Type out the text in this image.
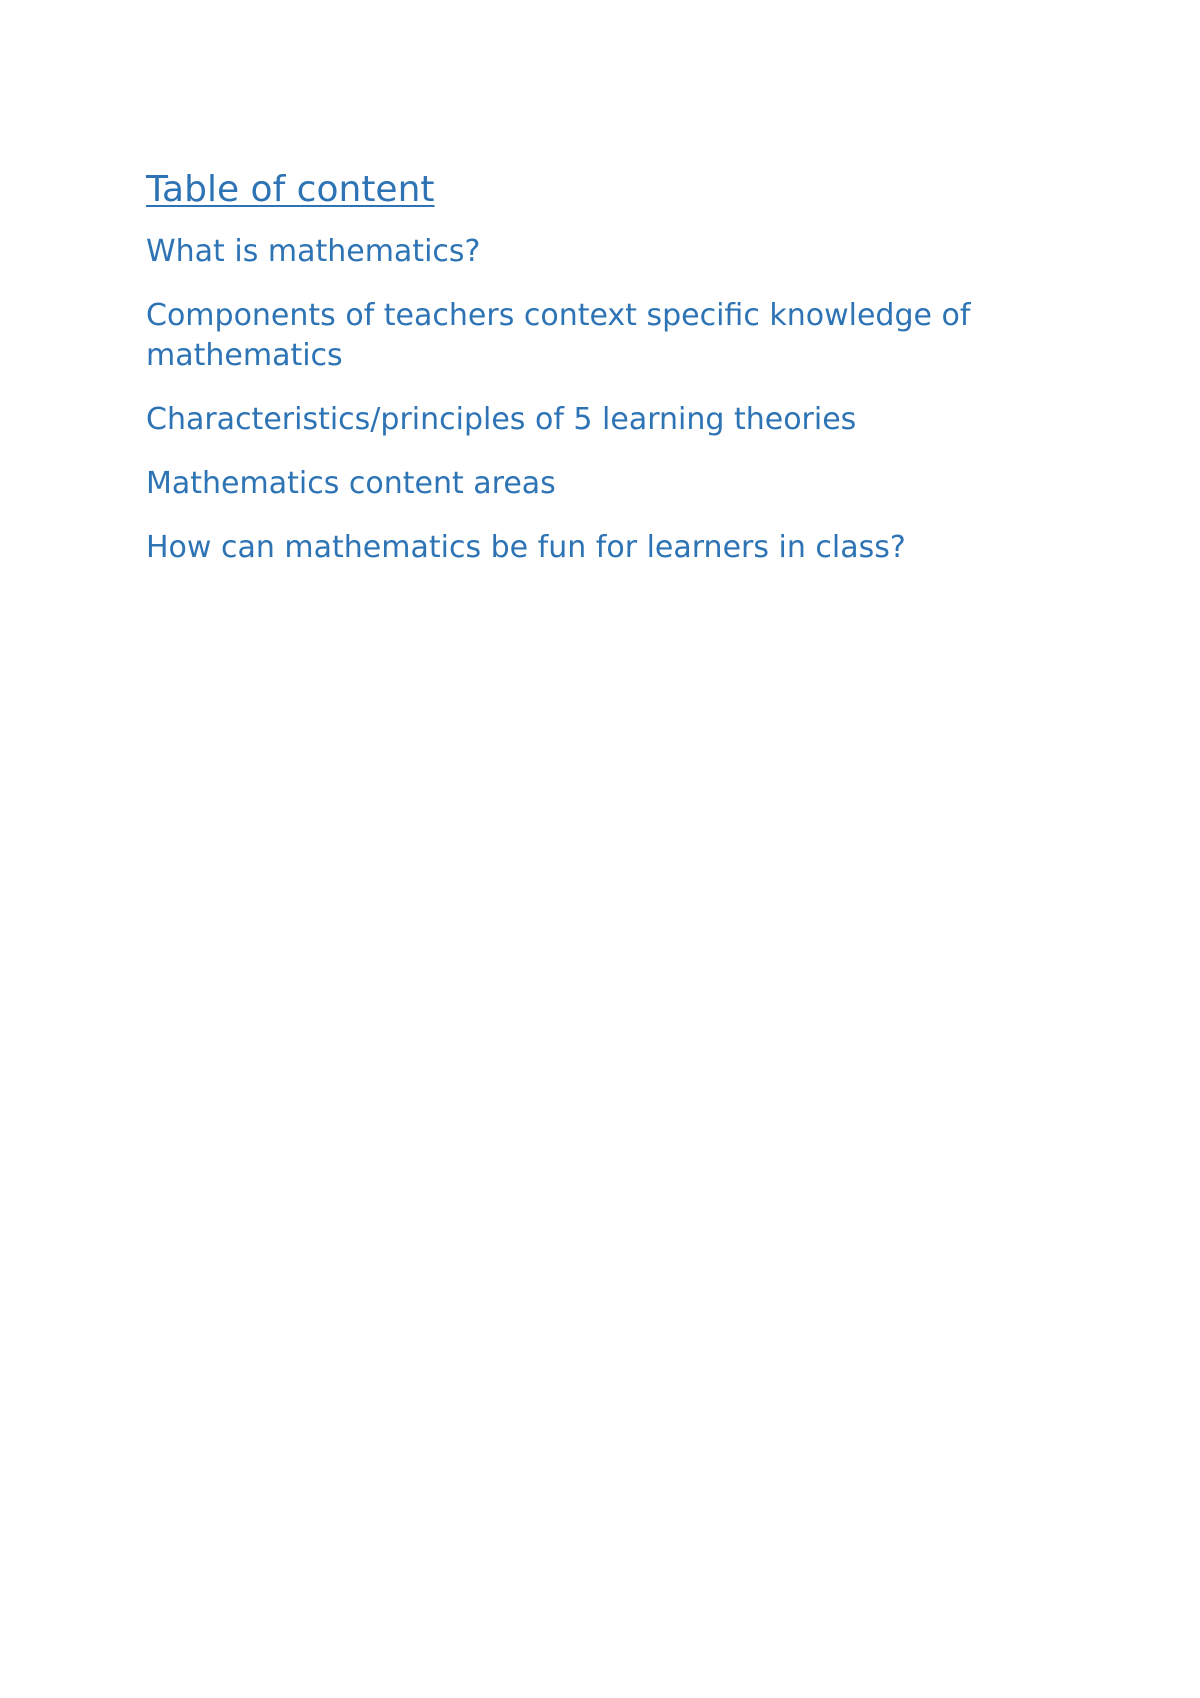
Table of content
What is mathematics?
Components of teachers context specific knowledge of mathematics
Characteristics/principles of 5 learning theories
Mathematics content areas
How can mathematics be fun for learners in class?
